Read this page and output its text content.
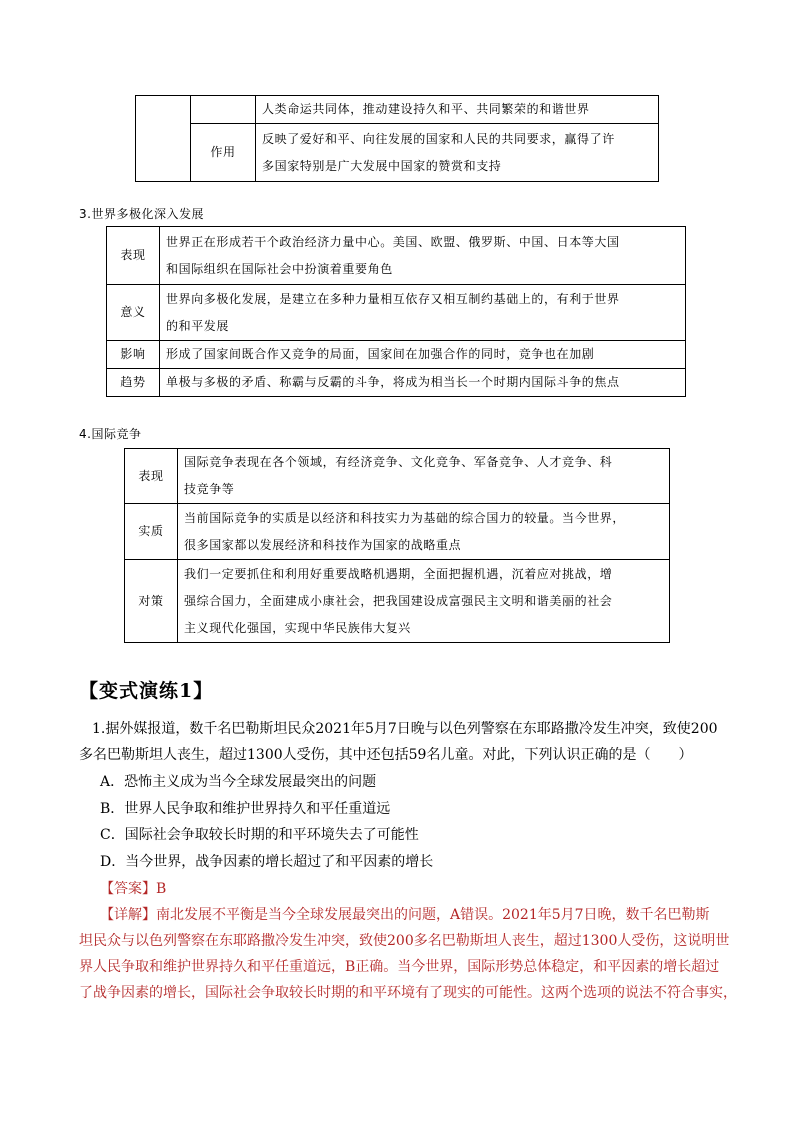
		人类命运共同体，推动建设持久和平、共同繁荣的和谐世界
	作用	反映了爱好和平、向往发展的国家和人民的共同要求，赢得了许
多国家特别是广大发展中国家的赞赏和支持
3.世界多极化深入发展
表现	世界正在形成若干个政治经济力量中心。美国、欧盟、俄罗斯、中国、日本等大国
和国际组织在国际社会中扮演着重要角色

意义	世界向多极化发展，是建立在多种力量相互依存又相互制约基础上的，有利于世界
的和平发展

影响	形成了国家间既合作又竞争的局面，国家间在加强合作的同时，竞争也在加剧
趋势	单极与多极的矛盾、称霸与反霸的斗争，将成为相当长一个时期内国际斗争的焦点
4.国际竞争
表现	国际竞争表现在各个领域，有经济竞争、文化竞争、军备竞争、人才竞争、科
技竞争等

实质	当前国际竞争的实质是以经济和科技实力为基础的综合国力的较量。当今世界，
很多国家都以发展经济和科技作为国家的战略重点

对策	我们一定要抓住和利用好重要战略机遇期，全面把握机遇，沉着应对挑战，增
强综合国力，全面建成小康社会，把我国建设成富强民主文明和谐美丽的社会
主义现代化强国，实现中华民族伟大复兴
【变式演练1】
1.据外媒报道，数千名巴勒斯坦民众2021年5月7日晚与以色列警察在东耶路撒冷发生冲突，致使200
多名巴勒斯坦人丧生，超过1300人受伤，其中还包括59名儿童。对此，下列认识正确的是（　　）
A．恐怖主义成为当今全球发展最突出的问题
B．世界人民争取和维护世界持久和平任重道远
C．国际社会争取较长时期的和平环境失去了可能性
D．当今世界，战争因素的增长超过了和平因素的增长
【答案】B
【详解】南北发展不平衡是当今全球发展最突出的问题，A错误。2021年5月7日晚，数千名巴勒斯
坦民众与以色列警察在东耶路撒冷发生冲突，致使200多名巴勒斯坦人丧生，超过1300人受伤，这说明世
界人民争取和维护世界持久和平任重道远，B正确。当今世界，国际形势总体稳定，和平因素的增长超过
了战争因素的增长，国际社会争取较长时期的和平环境有了现实的可能性。这两个选项的说法不符合事实，
